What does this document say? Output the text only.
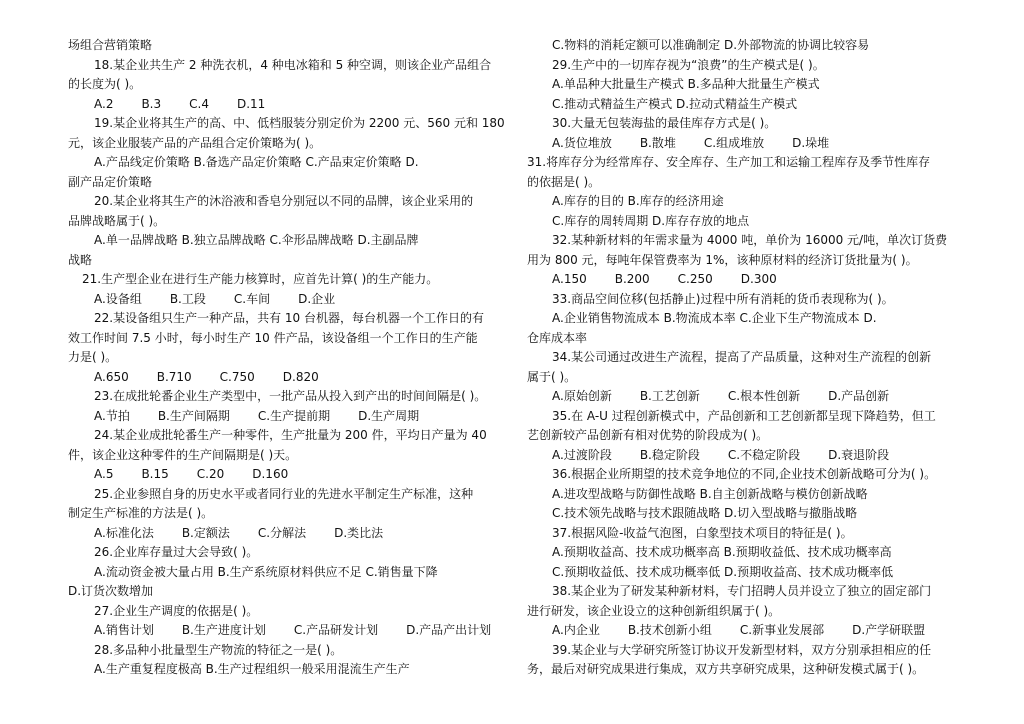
场组合营销策略
18.某企业共生产 2 种洗衣机，4 种电冰箱和 5 种空调，则该企业产品组合
的长度为( )。
A.2 B.3 C.4 D.11
19.某企业将其生产的高、中、低档服装分别定价为 2200 元、560 元和 180
元，该企业服装产品的产品组合定价策略为( )。
A.产品线定价策略 B.备选产品定价策略 C.产品束定价策略 D.
副产品定价策略
20.某企业将其生产的沐浴液和香皂分别冠以不同的品牌，该企业采用的
品牌战略属于( )。
A.单一品牌战略 B.独立品牌战略 C.伞形品牌战略 D.主副品牌
战略
21.生产型企业在进行生产能力核算时，应首先计算( )的生产能力。
A.设备组 B.工段 C.车间 D.企业
22.某设备组只生产一种产品，共有 10 台机器，每台机器一个工作日的有
效工作时间 7.5 小时，每小时生产 10 件产品，该设备组一个工作日的生产能
力是( )。
A.650 B.710 C.750 D.820
23.在成批轮番企业生产类型中，一批产品从投入到产出的时间间隔是( )。
A.节拍 B.生产间隔期 C.生产提前期 D.生产周期
24.某企业成批轮番生产一种零件，生产批量为 200 件，平均日产量为 40
件，该企业这种零件的生产间隔期是( )天。
A.5 B.15 C.20 D.160
25.企业参照自身的历史水平或者同行业的先进水平制定生产标准，这种
制定生产标准的方法是( )。
A.标准化法 B.定额法 C.分解法 D.类比法
26.企业库存量过大会导致( )。
A.流动资金被大量占用 B.生产系统原材料供应不足 C.销售量下降
D.订货次数增加
27.企业生产调度的依据是( )。
A.销售计划 B.生产进度计划 C.产品研发计划 D.产品产出计划
28.多品种小批量型生产物流的特征之一是( )。
A.生产重复程度极高 B.生产过程组织一般采用混流生产生产
C.物料的消耗定额可以准确制定 D.外部物流的协调比较容易
29.生产中的一切库存视为“浪费”的生产模式是( )。
A.单品种大批量生产模式 B.多品种大批量生产模式
C.推动式精益生产模式 D.拉动式精益生产模式
30.大量无包装海盐的最佳库存方式是( )。
A.货位堆放 B.散堆 C.组成堆放 D.垛堆
31.将库存分为经常库存、安全库存、生产加工和运输工程库存及季节性库存
的依据是( )。
A.库存的目的 B.库存的经济用途
C.库存的周转周期 D.库存存放的地点
32.某种新材料的年需求量为 4000 吨，单价为 16000 元/吨，单次订货费
用为 800 元，每吨年保管费率为 1%，该种原材料的经济订货批量为( )。
A.150 B.200 C.250 D.300
33.商品空间位移(包括静止)过程中所有消耗的货币表现称为( )。
A.企业销售物流成本 B.物流成本率 C.企业下生产物流成本 D.
仓库成本率
34.某公司通过改进生产流程，提高了产品质量，这种对生产流程的创新
属于( )。
A.原始创新 B.工艺创新 C.根本性创新 D.产品创新
35.在 A-U 过程创新模式中，产品创新和工艺创新都呈现下降趋势，但工
艺创新较产品创新有相对优势的阶段成为( )。
A.过渡阶段 B.稳定阶段 C.不稳定阶段 D.衰退阶段
36.根据企业所期望的技术竞争地位的不同,企业技术创新战略可分为( )。
A.进攻型战略与防御性战略 B.自主创新战略与模仿创新战略
C.技术领先战略与技术跟随战略 D.切入型战略与撤脂战略
37.根据风险-收益气泡图，白象型技术项目的特征是( )。
A.预期收益高、技术成功概率高 B.预期收益低、技术成功概率高
C.预期收益低、技术成功概率低 D.预期收益高、技术成功概率低
38.某企业为了研发某种新材料，专门招聘人员并设立了独立的固定部门
进行研发，该企业设立的这种创新组织属于( )。
A.内企业 B.技术创新小组 C.新事业发展部 D.产学研联盟
39.某企业与大学研究所签订协议开发新型材料，双方分别承担相应的任
务，最后对研究成果进行集成，双方共享研究成果，这种研发模式属于( )。
